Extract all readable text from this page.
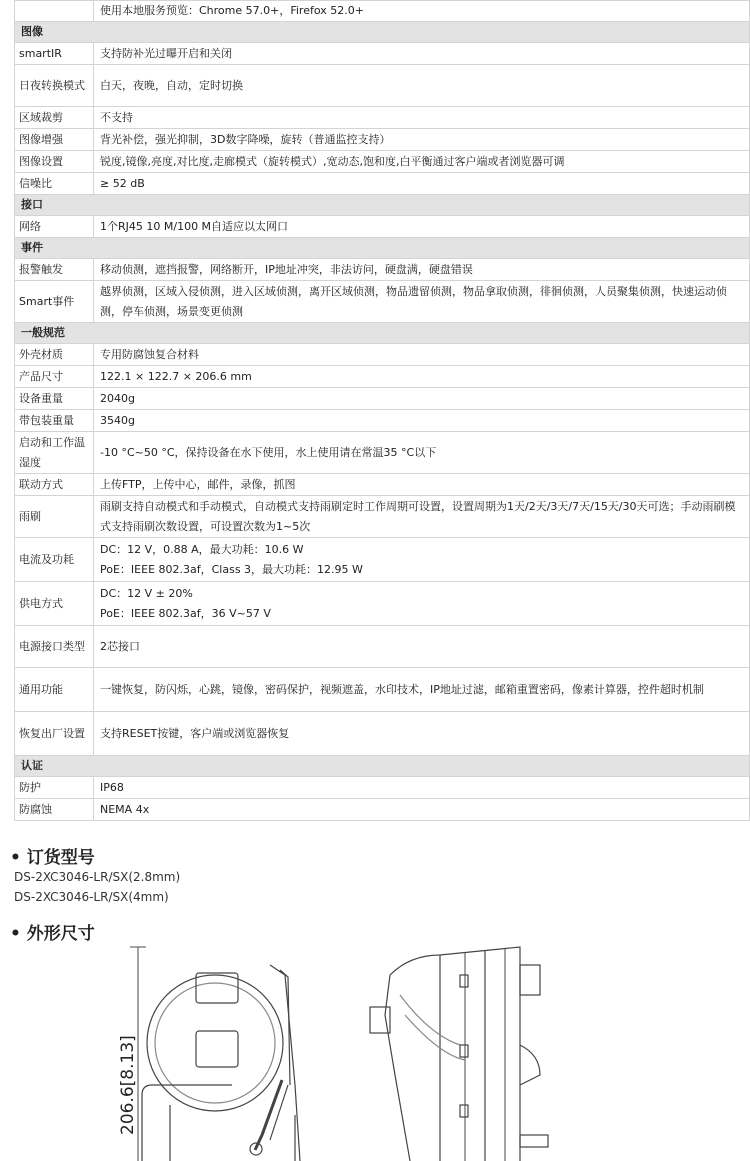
	使用本地服务预览：Chrome 57.0+，Firefox 52.0+
图像	
smartIR	支持防补光过曝开启和关闭
日夜转换模式	白天，夜晚，自动，定时切换
区域裁剪	不支持
图像增强	背光补偿，强光抑制，3D数字降噪，旋转（普通监控支持）
图像设置	锐度,镜像,亮度,对比度,走廊模式（旋转模式）,宽动态,饱和度,白平衡通过客户端或者浏览器可调
信噪比	≥ 52 dB
接口	
网络	1个RJ45 10 M/100 M自适应以太网口
事件	
报警触发	移动侦测，遮挡报警，网络断开，IP地址冲突，非法访问，硬盘满，硬盘错误
Smart事件	越界侦测，区域入侵侦测，进入区域侦测，离开区域侦测，物品遗留侦测，物品拿取侦测，徘徊侦测，人员聚集侦测，快速运动侦测，停车侦测，场景变更侦测
一般规范	
外壳材质	专用防腐蚀复合材料
产品尺寸	122.1 × 122.7 × 206.6 mm
设备重量	2040g
带包装重量	3540g
启动和工作温湿度	-10 °C~50 °C，保持设备在水下使用，水上使用请在常温35 °C以下
联动方式	上传FTP，上传中心，邮件，录像，抓图
雨刷	雨刷支持自动模式和手动模式，自动模式支持雨刷定时工作周期可设置，设置周期为1天/2天/3天/7天/15天/30天可选；手动雨刷模式支持雨刷次数设置，可设置次数为1~5次
电流及功耗	DC：12 V，0.88 A，最大功耗：10.6 W
PoE：IEEE 802.3af，Class 3，最大功耗：12.95 W

供电方式	DC：12 V ± 20%
PoE：IEEE 802.3af，36 V~57 V

电源接口类型	2芯接口
通用功能	一键恢复，防闪烁，心跳，镜像，密码保护，视频遮盖，水印技术，IP地址过滤，邮箱重置密码，像素计算器，控件超时机制
恢复出厂设置	支持RESET按键，客户端或浏览器恢复
认证	
防护	IP68
防腐蚀	NEMA 4x
• 订货型号
DS-2XC3046-LR/SX(2.8mm)
DS-2XC3046-LR/SX(4mm)
• 外形尺寸
206.6[8.13]
